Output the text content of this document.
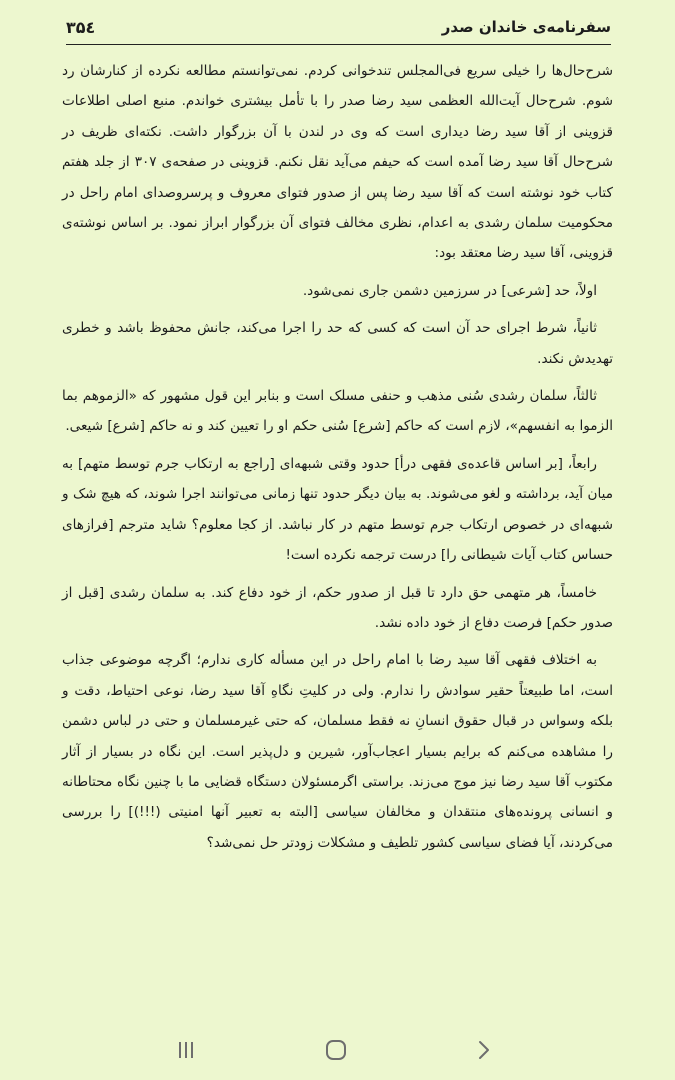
سفرنامه‌ی خاندان صدر
۳۵٤

شرح‌حال‌ها را خیلی سریع فی‌المجلس تندخوانی کردم. نمی‌توانستم مطالعه نکرده از کنارشان رد شوم. شرح‌حال آیت‌الله العظمی سید رضا صدر را با تأمل بیشتری خواندم. منبع اصلی اطلاعات قزوینی از آقا سید رضا دیداری است که وی در لندن با آن بزرگوار داشت. نکته‌ای ظریف در شرح‌حال آقا سید رضا آمده است که حیفم می‌آید نقل نکنم. قزوینی در صفحه‌ی ۳۰۷ از جلد هفتم کتاب خود نوشته است که آقا سید رضا پس از صدور فتوای معروف و پرسروصدای امام راحل در محکومیت سلمان رشدی به اعدام، نظری مخالف فتوای آن بزرگوار ابراز نمود. بر اساس نوشته‌ی قزوینی، آقا سید رضا معتقد بود:

اولاً، حد [شرعی] در سرزمین دشمن جاری نمی‌شود.

ثانیاً، شرط اجرای حد آن است که کسی که حد را اجرا می‌کند، جانش محفوظ باشد و خطری تهدیدش نکند.

ثالثاً، سلمان رشدی سُنی مذهب و حنفی مسلک است و بنابر این قول مشهور که «الزموهم بما الزموا به انفسهم»، لازم است که حاکم [شرع] سُنی حکم او را تعیین کند و نه حاکم [شرع] شیعی.

رابعاً، [بر اساس قاعده‌ی فقهی درأ] حدود وقتی شبهه‌ای [راجع به ارتکاب جرم توسط متهم] به میان آید، برداشته و لغو می‌شوند. به بیان دیگر حدود تنها زمانی می‌توانند اجرا شوند، که هیچ شک و شبهه‌ای در خصوص ارتکاب جرم توسط متهم در کار نباشد. از کجا معلوم؟ شاید مترجم [فرازهای حساس کتاب آیات شیطانی را] درست ترجمه نکرده است!

خامساً، هر متهمی حق دارد تا قبل از صدور حکم، از خود دفاع کند. به سلمان رشدی [قبل از صدور حکم] فرصت دفاع از خود داده نشد.

به اختلاف فقهی آقا سید رضا با امام راحل در این مسأله کاری ندارم؛ اگرچه موضوعی جذاب است، اما طبیعتاً حقیر سوادش را ندارم. ولی در کلیتِ نگاهِ آقا سید رضا، نوعی احتیاط، دقت و بلکه وسواس در قبال حقوق انسانِ نه فقط مسلمان، که حتی غیرمسلمان و حتی در لباس دشمن را مشاهده می‌کنم که برایم بسیار اعجاب‌آور، شیرین و دل‌پذیر است. این نگاه در بسیار از آثار مکتوب آقا سید رضا نیز موج می‌زند. براستی اگرمسئولان دستگاه قضایی ما با چنین نگاه محتاطانه و انسانی پرونده‌های منتقدان و مخالفان سیاسی [البته به تعبیر آنها امنیتی (!!!)] را بررسی می‌کردند، آیا فضای سیاسی کشور تلطیف و مشکلات زودتر حل نمی‌شد؟
